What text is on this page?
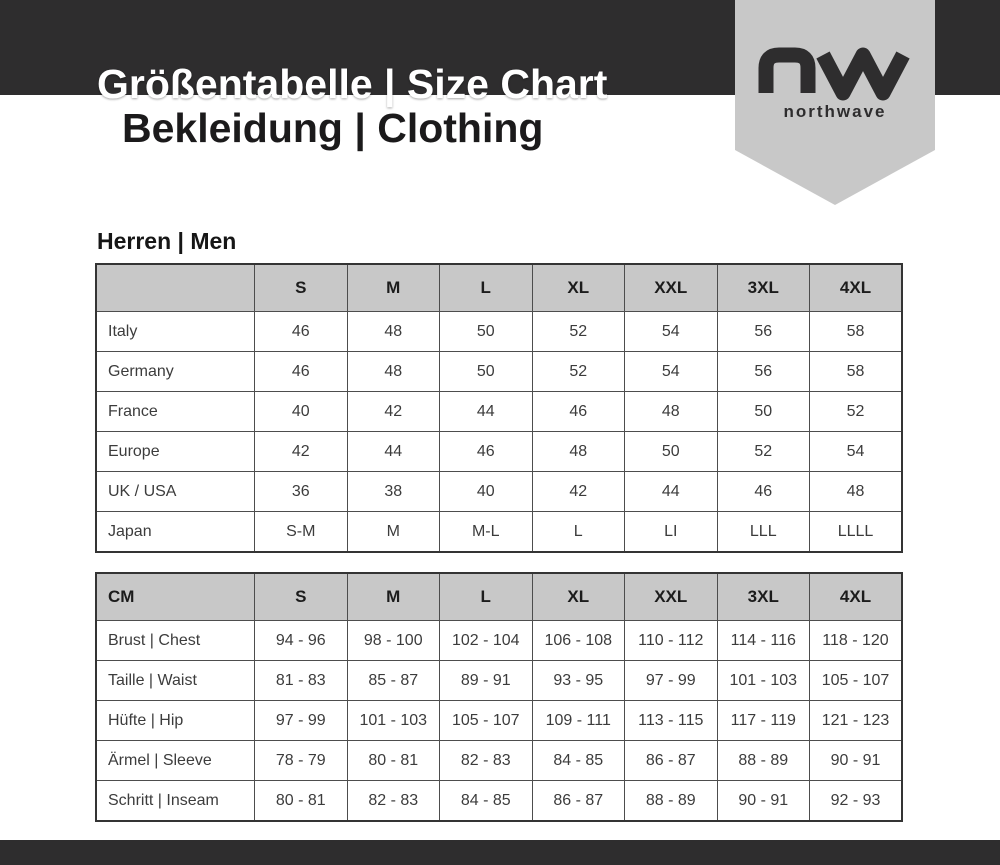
Größentabelle | Size Chart
Bekleidung | Clothing	northwave
Herren | Men
	S	M	L	XL	XXL	3XL	4XL
Italy	46	48	50	52	54	56	58
Germany	46	48	50	52	54	56	58
France	40	42	44	46	48	50	52
Europe	42	44	46	48	50	52	54
UK / USA	36	38	40	42	44	46	48
Japan	S-M	M	M-L	L	LI	LLL	LLLL
CM	S	M	L	XL	XXL	3XL	4XL
Brust | Chest	94 - 96	98 - 100	102 - 104	106 - 108	110 - 112	114 - 116	118 - 120
Taille | Waist	81 - 83	85 - 87	89 - 91	93 - 95	97 - 99	101 - 103	105 - 107
Hüfte | Hip	97 - 99	101 - 103	105 - 107	109 - 111	113 - 115	117 - 119	121 - 123
Ärmel | Sleeve	78 - 79	80 - 81	82 - 83	84 - 85	86 - 87	88 - 89	90 - 91
Schritt | Inseam	80 - 81	82 - 83	84 - 85	86 - 87	88 - 89	90 - 91	92 - 93
